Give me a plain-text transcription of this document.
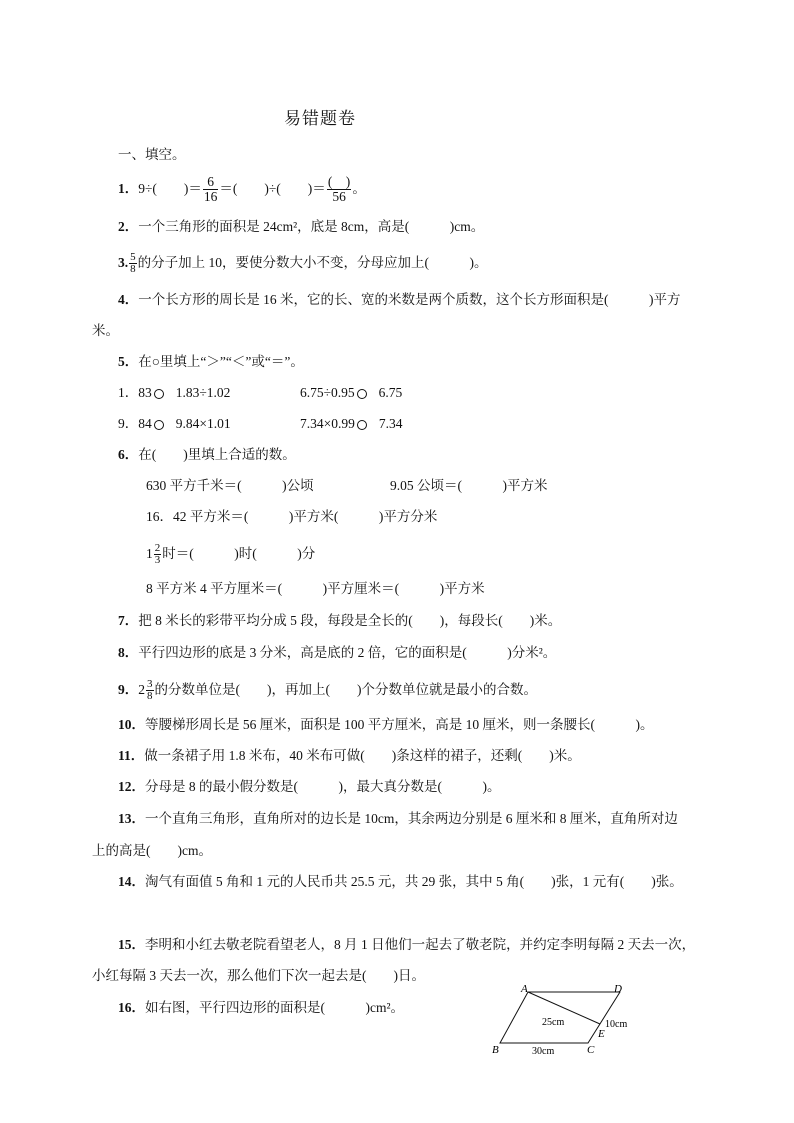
易错题卷
一、填空。
1．9÷(　　)＝ $\frac{6}{16}$ ＝(　　)÷(　　)＝ $\frac{( )}{56}$ 。
2．一个三角形的面积是 24cm²，底是 8cm，高是(　　　)cm。
3. $\frac{5}{8}$ 的分子加上 10，要使分数大小不变，分母应加上(　　　)。
4．一个长方形的周长是 16 米，它的长、宽的米数是两个质数，这个长方形面积是(　　　)平方
米。
5．在○里填上“＞”“＜”或“＝”。
1．83 1.83÷1.02	6.75÷0.95 6.75
9．84 9.84×1.01	7.34×0.99 7.34
6．在(　　)里填上合适的数。
630 平方千米＝(　　　)公顷	9.05 公顷＝(　　　)平方米
16．42 平方米＝(　　　)平方米(　　　)平方分米
$1 \frac{2}{3}$ 时＝(　　　)时(　　　)分
8 平方米 4 平方厘米＝(　　　)平方厘米＝(　　　)平方米
7．把 8 米长的彩带平均分成 5 段，每段是全长的(　　)，每段长(　　)米。
8．平行四边形的底是 3 分米，高是底的 2 倍，它的面积是(　　　)分米²。
9．$2 \frac{3}{8}$ 的分数单位是(　　)，再加上(　　)个分数单位就是最小的合数。
10．等腰梯形周长是 56 厘米，面积是 100 平方厘米，高是 10 厘米，则一条腰长(　　　)。
11．做一条裙子用 1.8 米布，40 米布可做(　　)条这样的裙子，还剩(　　)米。
12．分母是 8 的最小假分数是(　　　)，最大真分数是(　　　)。
13．一个直角三角形，直角所对的边长是 10cm，其余两边分别是 6 厘米和 8 厘米，直角所对边
上的高是(　　)cm。
14．淘气有面值 5 角和 1 元的人民币共 25.5 元，共 29 张，其中 5 角(　　)张，1 元有(　　)张。
15．李明和小红去敬老院看望老人，8 月 1 日他们一起去了敬老院，并约定李明每隔 2 天去一次，
小红每隔 3 天去一次，那么他们下次一起去是(　　)日。
16．如右图，平行四边形的面积是(　　　)cm²。
A	D
B	C
E
25cm	10cm
30cm
